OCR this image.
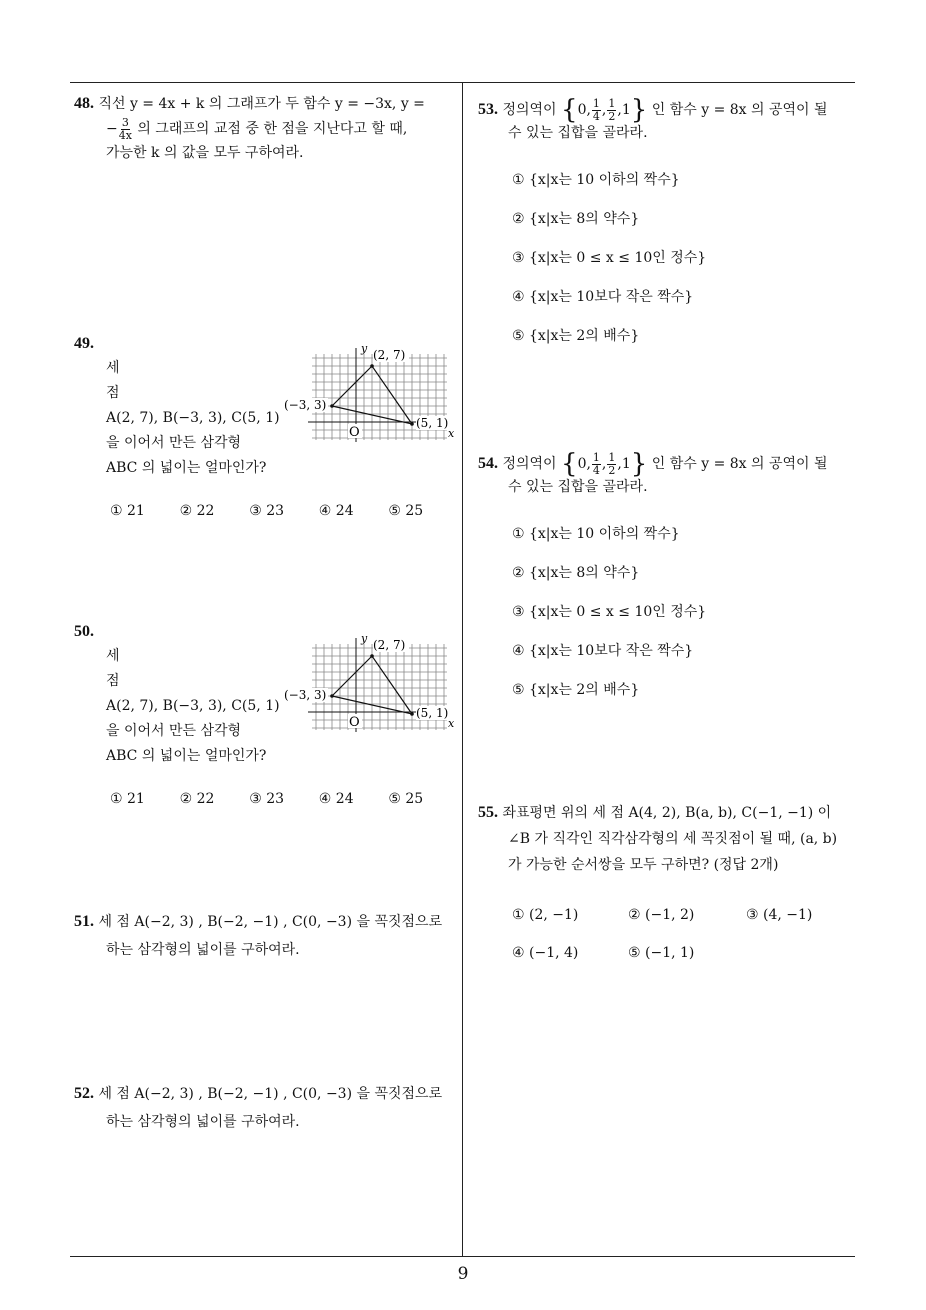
48. 직선 y = 4x + k 의 그래프가 두 함수 y = −3x, y =
− $\frac{3}{4x}$ 의 그래프의 교점 중 한 점을 지난다고 할 때,
가능한 k 의 값을 모두 구하여라.
49.
세
점
A(2, 7), B(−3, 3), C(5, 1)
을 이어서 만든 삼각형
ABC 의 넓이는 얼마인가?
① 21	② 22	③ 23	④ 24	⑤ 25
(2, 7)
(−3, 3)
(5, 1)
y
x
O
50.
세
점
A(2, 7), B(−3, 3), C(5, 1)
을 이어서 만든 삼각형
ABC 의 넓이는 얼마인가?
① 21	② 22	③ 23	④ 24	⑤ 25
(2, 7)
(−3, 3)
(5, 1)
y
x
O
51. 세 점 A(−2, 3) , B(−2, −1) , C(0, −3) 을 꼭짓점으로
하는 삼각형의 넓이를 구하여라.
52. 세 점 A(−2, 3) , B(−2, −1) , C(0, −3) 을 꼭짓점으로
하는 삼각형의 넓이를 구하여라.
53. 정의역이 {0, $\frac{1}{4}$ , $\frac{1}{2} ,1$} 인 함수 y = 8x 의 공역이 될
수 있는 집합을 골라라.
① {x|x는 10 이하의 짝수}
② {x|x는 8의 약수}
③ {x|x는 0 ≤ x ≤ 10인 정수}
④ {x|x는 10보다 작은 짝수}
⑤ {x|x는 2의 배수}
54. 정의역이 {0, $\frac{1}{4}$ , $\frac{1}{2} ,1$} 인 함수 y = 8x 의 공역이 될
수 있는 집합을 골라라.
① {x|x는 10 이하의 짝수}
② {x|x는 8의 약수}
③ {x|x는 0 ≤ x ≤ 10인 정수}
④ {x|x는 10보다 작은 짝수}
⑤ {x|x는 2의 배수}
55. 좌표평면 위의 세 점 A(4, 2), B(a, b), C(−1, −1) 이
∠B 가 직각인 직각삼각형의 세 꼭짓점이 될 때, (a, b)
가 가능한 순서쌍을 모두 구하면? (정답 2개)
① (2, −1)	② (−1, 2)	③ (4, −1)
④ (−1, 4)	⑤ (−1, 1)
9
